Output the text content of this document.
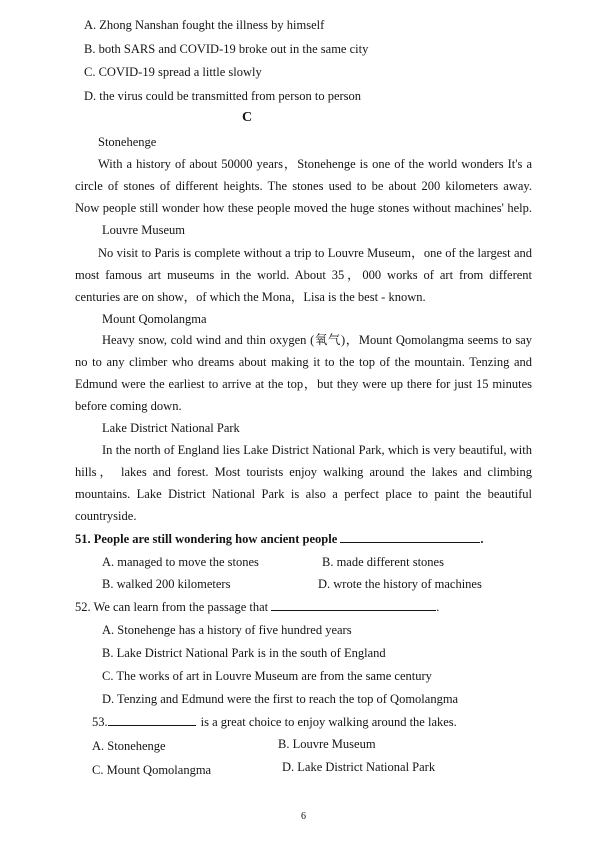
A. Zhong Nanshan fought the illness by himself
B. both SARS and COVID-19 broke out in the same city
C. COVID-19 spread a little slowly
D. the virus could be transmitted from person to person
C
Stonehenge
With a history of about 50000 years，Stonehenge is one of the world wonders It's a
circle of stones of different heights. The stones used to be about 200 kilometers away.
Now people still wonder how these people moved the huge stones without machines' help.
Louvre Museum
No visit to Paris is complete without a trip to Louvre Museum，one of the largest and
most famous art museums in the world. About 35，000 works of art from different
centuries are on show，of which the Mona，Lisa is the best - known.
Mount Qomolangma
Heavy snow, cold wind and thin oxygen (氧气)，Mount Qomolangma seems to say
no to any climber who dreams about making it to the top of the mountain. Tenzing and
Edmund were the earliest to arrive at the top，but they were up there for just 15 minutes
before coming down.
Lake District National Park
In the north of England lies Lake District National Park, which is very beautiful, with
hills， lakes and forest. Most tourists enjoy walking around the lakes and climbing
mountains. Lake District National Park is also a perfect place to paint the beautiful
countryside.
51. People are still wondering how ancient people	.
A. managed to move the stones	B. made different stones
B. walked 200 kilometers	D. wrote the history of machines
52. We can learn from the passage that	.
A. Stonehenge has a history of five hundred years
B. Lake District National Park is in the south of England
C. The works of art in Louvre Museum are from the same century
D. Tenzing and Edmund were the first to reach the top of Qomolangma
53.	is a great choice to enjoy walking around the lakes.
A. Stonehenge	B. Louvre Museum
C. Mount Qomolangma	D. Lake District National Park
6
